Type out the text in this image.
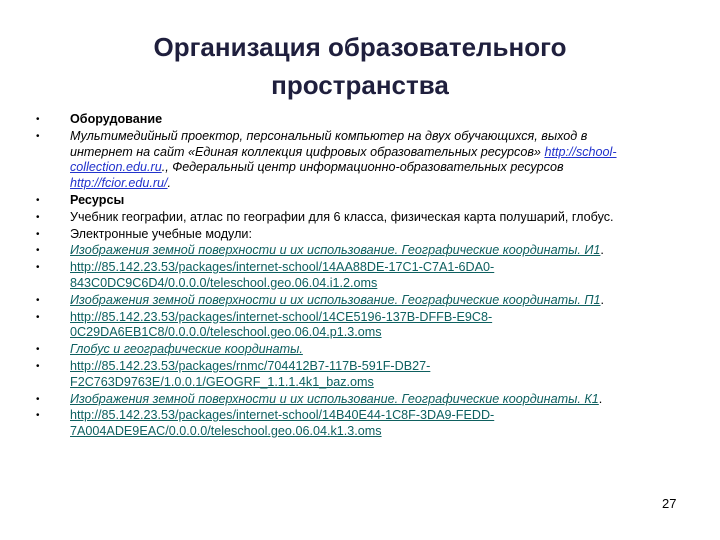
Организация образовательного
пространства
•	Оборудование
•	Мультимедийный проектор, персональный компьютер на двух обучающихся, выход в интернет на сайт «Единая коллекция цифровых образовательных ресурсов» http://school-collection.edu.ru., Федеральный центр информационно-образовательных ресурсов http://fcior.edu.ru/.
•	Ресурсы
•	Учебник географии, атлас по географии для 6 класса, физическая карта полушарий, глобус.
•	Электронные учебные модули:
•	Изображения земной поверхности и их использование. Географические координаты. И1.
•	http://85.142.23.53/packages/internet-school/14AA88DE-17C1-C7A1-6DA0-843C0DC9C6D4/0.0.0.0/teleschool.geo.06.04.i1.2.oms
•	Изображения земной поверхности и их использование. Географические координаты. П1.
•	http://85.142.23.53/packages/internet-school/14CE5196-137B-DFFB-E9C8-0C29DA6EB1C8/0.0.0.0/teleschool.geo.06.04.p1.3.oms
•	Глобус и географические координаты.
•	http://85.142.23.53/packages/rnmc/704412B7-117B-591F-DB27-F2C763D9763E/1.0.0.1/GEOGRF_1.1.1.4k1_baz.oms
•	Изображения земной поверхности и их использование. Географические координаты. К1.
•	http://85.142.23.53/packages/internet-school/14B40E44-1C8F-3DA9-FEDD-7A004ADE9EAC/0.0.0.0/teleschool.geo.06.04.k1.3.oms
27
